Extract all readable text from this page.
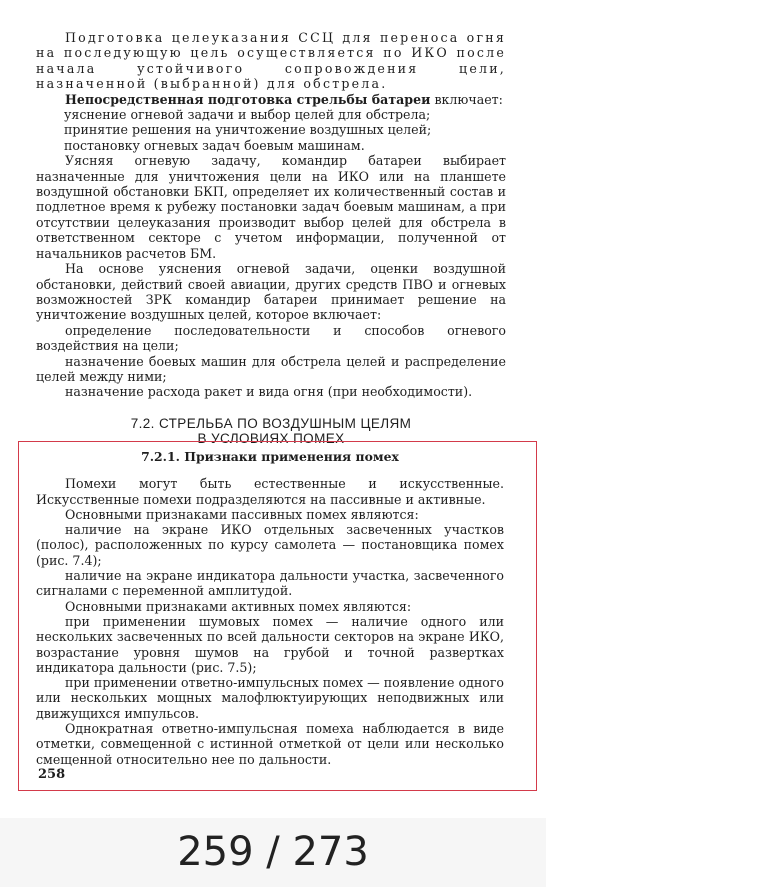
Подготовка целеуказания ССЦ для переноса огня на последующую цель осуществляется по ИКО после начала устойчивого сопровождения цели, назначенной (выбранной) для обстрела.

Непосредственная подготовка стрельбы батареи включает:

уяснение огневой задачи и выбор целей для обстрела;

принятие решения на уничтожение воздушных целей;

постановку огневых задач боевым машинам.

Уясняя огневую задачу, командир батареи выбирает назначенные для уничтожения цели на ИКО или на планшете воздушной обстановки БКП, определяет их количественный состав и подлетное время к рубежу постановки задач боевым машинам, а при отсутствии целеуказания производит выбор целей для обстрела в ответственном секторе с учетом информации, полученной от начальников расчетов БМ.

На основе уяснения огневой задачи, оценки воздушной обстановки, действий своей авиации, других средств ПВО и огневых возможностей ЗРК командир батареи принимает решение на уничтожение воздушных целей, которое включает:

определение последовательности и способов огневого воздействия на цели;

назначение боевых машин для обстрела целей и распределение целей между ними;

назначение расхода ракет и вида огня (при необходимости).

7.2. СТРЕЛЬБА ПО ВОЗДУШНЫМ ЦЕЛЯМ
В УСЛОВИЯХ ПОМЕХ

7.2.1. Признаки применения помех

Помехи могут быть естественные и искусственные. Искусственные помехи подразделяются на пассивные и активные.

Основными признаками пассивных помех являются:

наличие на экране ИКО отдельных засвеченных участков (полос), расположенных по курсу самолета — постановщика помех (рис. 7.4);

наличие на экране индикатора дальности участка, засвеченного сигналами с переменной амплитудой.

Основными признаками активных помех являются:

при применении шумовых помех — наличие одного или нескольких засвеченных по всей дальности секторов на экране ИКО, возрастание уровня шумов на грубой и точной развертках индикатора дальности (рис. 7.5);

при применении ответно-импульсных помех — появление одного или нескольких мощных малофлюктуирующих неподвижных или движущихся импульсов.

Однократная ответно-импульсная помеха наблюдается в виде отметки, совмещенной с истинной отметкой от цели или несколько смещенной относительно нее по дальности.

258
259 / 273
